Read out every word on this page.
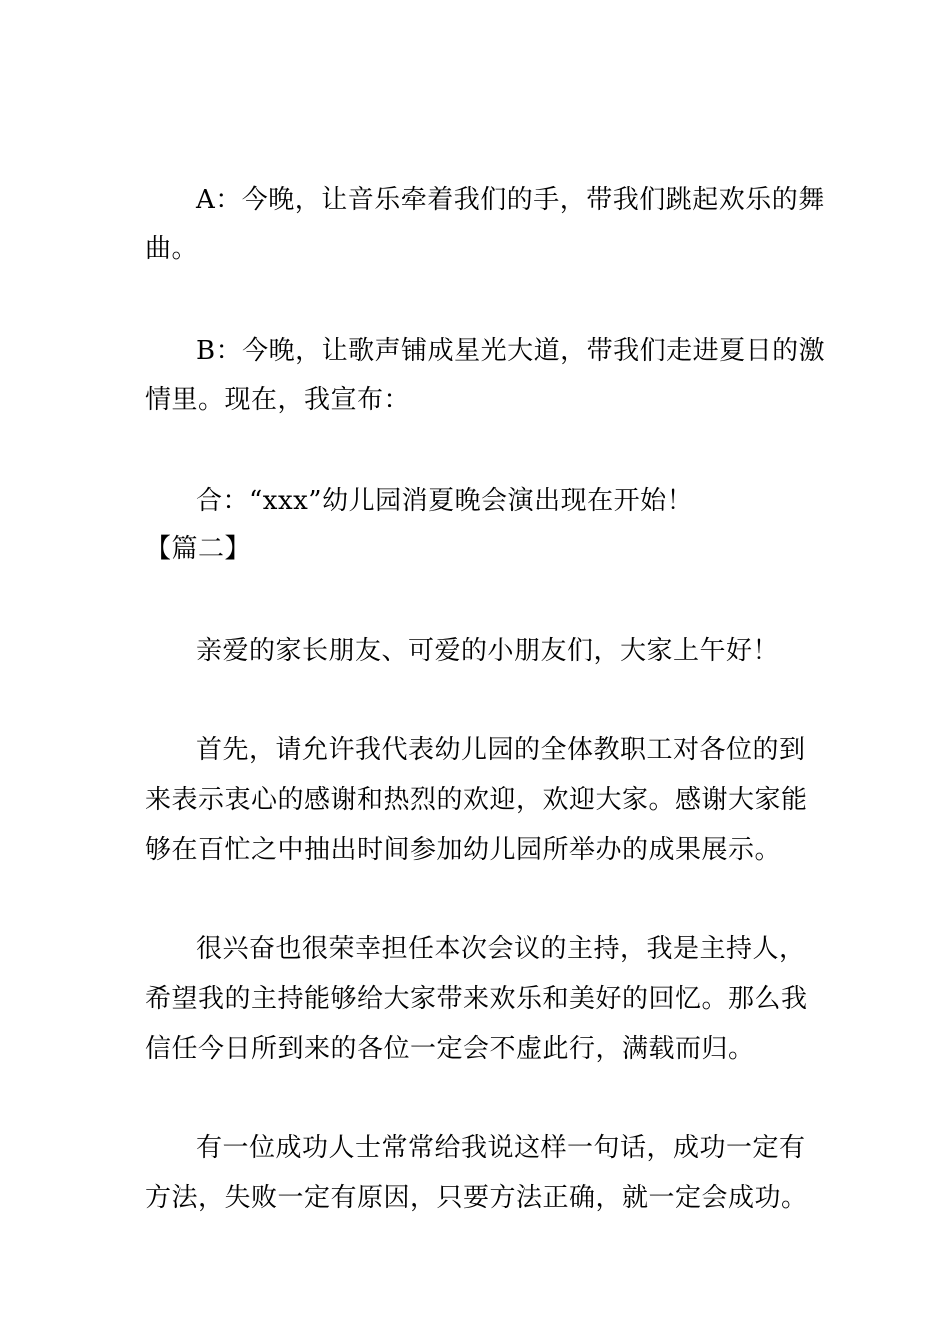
A：今晚，让音乐牵着我们的手，带我们跳起欢乐的舞
曲。
B：今晚，让歌声铺成星光大道，带我们走进夏日的激
情里。现在，我宣布：
合：“xxx”幼儿园消夏晚会演出现在开始！
【篇二】
亲爱的家长朋友、可爱的小朋友们，大家上午好！
首先，请允许我代表幼儿园的全体教职工对各位的到
来表示衷心的感谢和热烈的欢迎，欢迎大家。感谢大家能
够在百忙之中抽出时间参加幼儿园所举办的成果展示。
很兴奋也很荣幸担任本次会议的主持，我是主持人，
希望我的主持能够给大家带来欢乐和美好的回忆。那么我
信任今日所到来的各位一定会不虚此行，满载而归。
有一位成功人士常常给我说这样一句话，成功一定有
方法，失败一定有原因，只要方法正确，就一定会成功。
